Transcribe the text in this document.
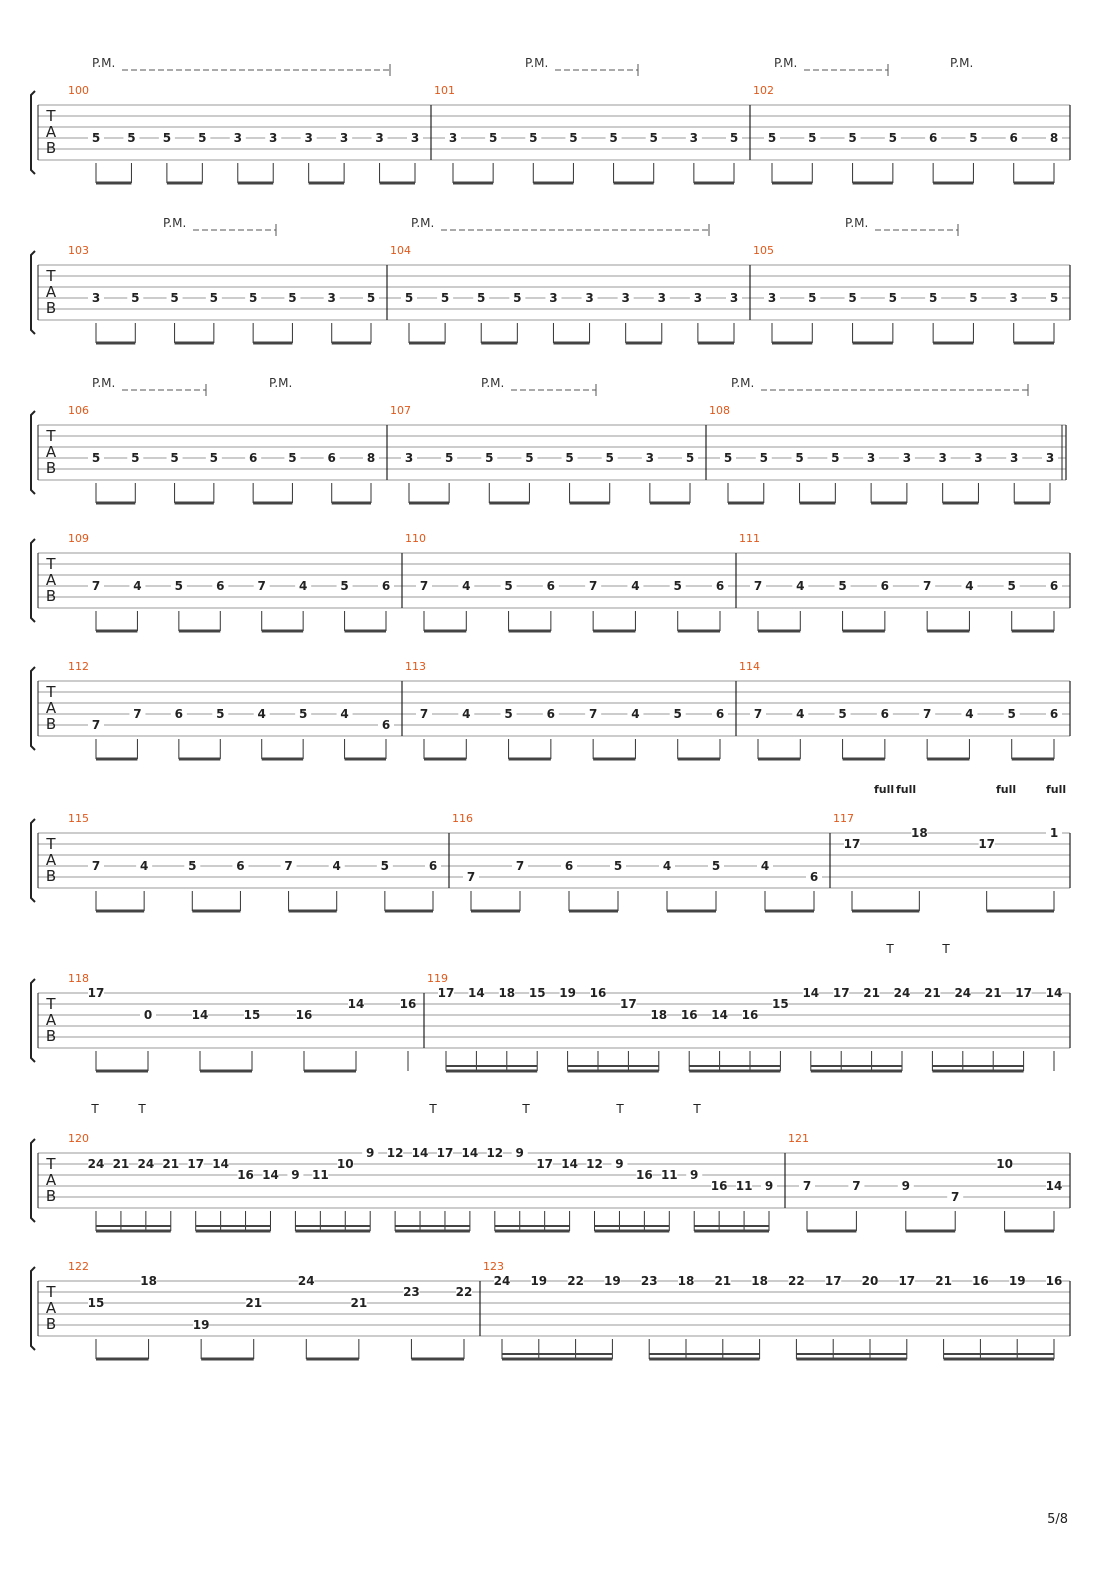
T
A
B
P.M.	P.M.	P.M.	P.M.
100
5 5 5 5 3 3 3 3 3 3
101
3	5	5	5	5	5	3	5
102
5	5	5	5	6	5	6	8
T
A
B
P.M.	P.M.	P.M.
103
3	5	5	5	5	5	3	5
104
5 5 5 5 3 3 3 3 3 3
105
3	5	5	5	5	5	3	5
T
A
B
P.M.	P.M.	P.M.	P.M.
106
5	5	5	5	6	5	6	8
107
3	5	5	5	5	5	3	5
108
5 5 5 5 3 3 3 3 3 3
T
A
B
109
7	4	5	6	7	4	5	6
110
7	4	5	6	7	4	5	6
111
7	4	5	6	7	4	5	6
T
A
B
112
7
7	6	5	4	5	4
6
113
7	4	5	6	7	4	5	6
114
7	4	5	6	7	4	5	6
T
A
B
full full	full	full
115
7	4	5	6	7	4	5	6
116
7
7	6	5	4	5	4
6
117
17
18
17
1
T
A
B
T	T
118
17
0	14	15	16
14	16
119
17 14 18 15 19 16
17
18 16 14 16
15
14 17 21 24 21 24 21 17 14
T
A
B
T	T	T	T	T	T
120
24 21 24 21 17 14
16 14 9 11
10
9 12 14 17 14 12 9
17 14 12 9
16 11 9
16 11 9
121
7	7	9
7
10
14
T
A
B
122
15
18
19
21
24
21
23	22
123
24 19 22 19 23 18 21 18 22 17 20 17 21 16 19 16
5/8
